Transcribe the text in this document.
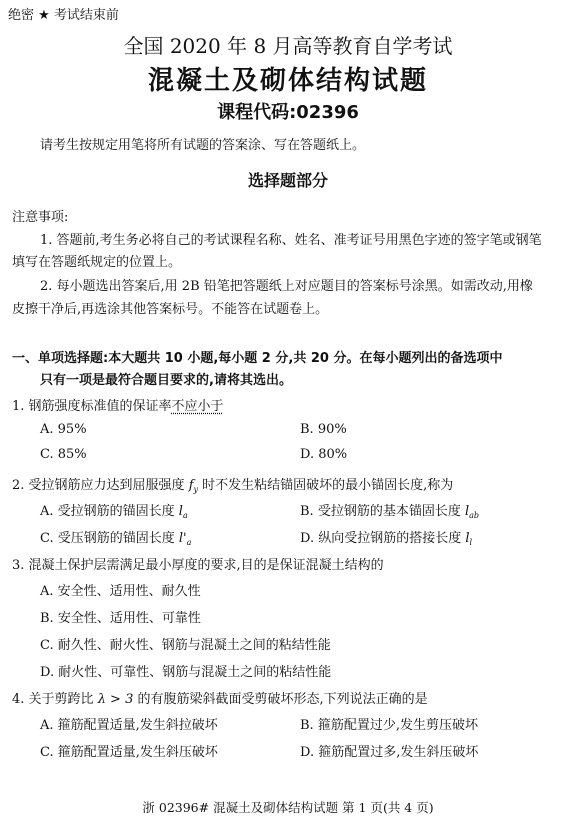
绝密 ★ 考试结束前
全国 2020 年 8 月高等教育自学考试
混凝土及砌体结构试题
课程代码:02396
请考生按规定用笔将所有试题的答案涂、写在答题纸上。
选择题部分
注意事项:
1. 答题前,考生务必将自己的考试课程名称、姓名、准考证号用黑色字迹的签字笔或钢笔
填写在答题纸规定的位置上。
2. 每小题选出答案后,用 2B 铅笔把答题纸上对应题目的答案标号涂黑。如需改动,用橡
皮擦干净后,再选涂其他答案标号。不能答在试题卷上。
一、单项选择题:本大题共 10 小题,每小题 2 分,共 20 分。在每小题列出的备选项中
只有一项是最符合题目要求的,请将其选出。
1. 钢筋强度标准值的保证率不应小于
A. 95%	B. 90%
C. 85%	D. 80%
2. 受拉钢筋应力达到屈服强度 $f_y$ 时不发生粘结锚固破坏的最小锚固长度,称为
A. 受拉钢筋的锚固长度 $l_a$	B. 受拉钢筋的基本锚固长度 $l_{ab}$
C. 受压钢筋的锚固长度 $l'_a$	D. 纵向受拉钢筋的搭接长度 $l_l$
3. 混凝土保护层需满足最小厚度的要求,目的是保证混凝土结构的
A. 安全性、适用性、耐久性
B. 安全性、适用性、可靠性
C. 耐久性、耐火性、钢筋与混凝土之间的粘结性能
D. 耐火性、可靠性、钢筋与混凝土之间的粘结性能
4. 关于剪跨比 λ > 3 的有腹筋梁斜截面受剪破坏形态,下列说法正确的是
A. 箍筋配置适量,发生斜拉破坏	B. 箍筋配置过少,发生剪压破坏
C. 箍筋配置适量,发生斜压破坏	D. 箍筋配置过多,发生斜压破坏
浙 02396# 混凝土及砌体结构试题 第 1 页(共 4 页)
